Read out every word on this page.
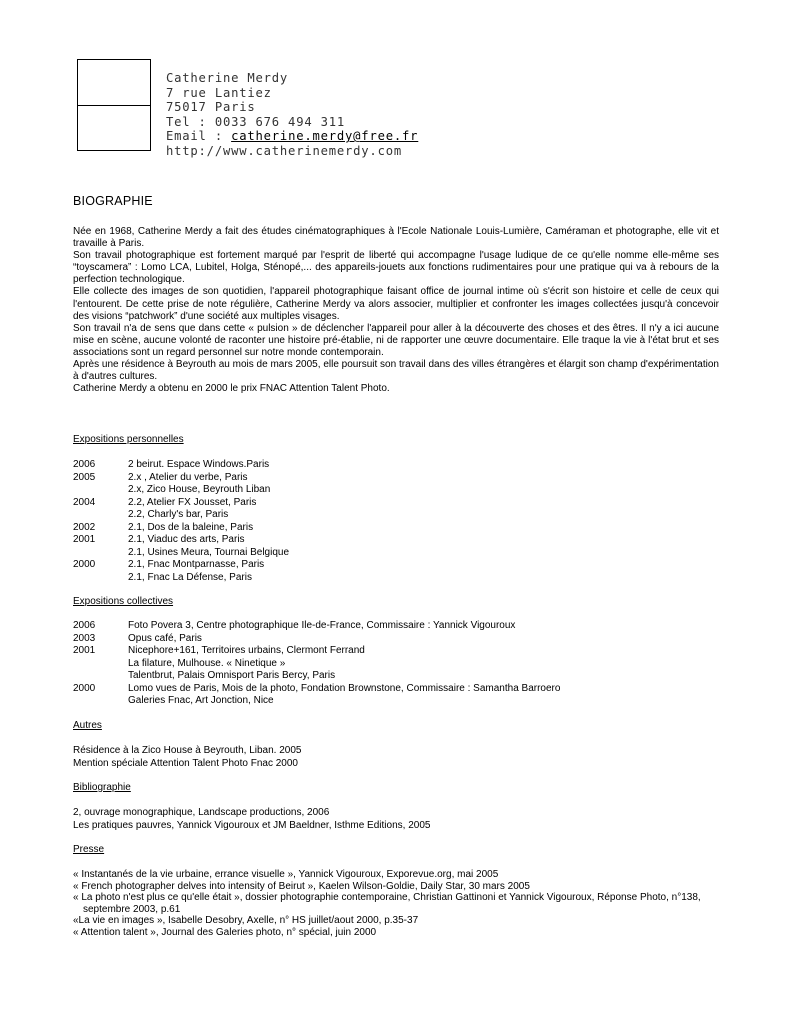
Catherine Merdy
7 rue Lantiez
75017 Paris
Tel : 0033 676 494 311
Email : catherine.merdy@free.fr
http://www.catherinemerdy.com
BIOGRAPHIE

Née en 1968, Catherine Merdy a fait des études cinématographiques à l'Ecole Nationale Louis-Lumière, Caméraman et photographe, elle vit et travaille à Paris.

Son travail photographique est fortement marqué par l'esprit de liberté qui accompagne l'usage ludique de ce qu'elle nomme elle-même ses “toyscamera” : Lomo LCA, Lubitel, Holga, Sténopé,... des appareils-jouets aux fonctions rudimentaires pour une pratique qui va à rebours de la perfection technologique.

Elle collecte des images de son quotidien, l'appareil photographique faisant office de journal intime où s'écrit son histoire et celle de ceux qui l'entourent. De cette prise de note régulière, Catherine Merdy va alors associer, multiplier et confronter les images collectées jusqu'à concevoir des visions “patchwork” d'une société aux multiples visages.

Son travail n'a de sens que dans cette « pulsion » de déclencher l'appareil pour aller à la découverte des choses et des êtres. Il n'y a ici aucune mise en scène, aucune volonté de raconter une histoire pré-établie, ni de rapporter une œuvre documentaire. Elle traque la vie à l'état brut et ses associations sont un regard personnel sur notre monde contemporain.

Après une résidence à Beyrouth au mois de mars 2005, elle poursuit son travail dans des villes étrangères et élargit son champ d'expérimentation à d'autres cultures.

Catherine Merdy a obtenu en 2000 le prix FNAC Attention Talent Photo.

Expositions personnelles
2006	2 beirut. Espace Windows.Paris
2005	2.x , Atelier du verbe, Paris
2.x, Zico House, Beyrouth Liban
2004	2.2, Atelier FX Jousset, Paris
2.2, Charly's bar, Paris
2002	2.1, Dos de la baleine, Paris
2001	2.1, Viaduc des arts, Paris
2.1, Usines Meura, Tournai Belgique
2000	2.1, Fnac Montparnasse, Paris
2.1, Fnac La Défense, Paris
Expositions collectives
2006	Foto Povera 3, Centre photographique Ile-de-France, Commissaire : Yannick Vigouroux
2003	Opus café, Paris
2001	Nicephore+161, Territoires urbains, Clermont Ferrand
La filature, Mulhouse. « Ninetique »
Talentbrut, Palais Omnisport Paris Bercy, Paris
2000	Lomo vues de Paris, Mois de la photo, Fondation Brownstone, Commissaire : Samantha Barroero
Galeries Fnac, Art Jonction, Nice
Autres
Résidence à la Zico House à Beyrouth, Liban. 2005
Mention spéciale Attention Talent Photo Fnac 2000
Bibliographie
2, ouvrage monographique, Landscape productions, 2006
Les pratiques pauvres, Yannick Vigouroux et JM Baeldner, Isthme Editions, 2005
Presse
« Instantanés de la vie urbaine, errance visuelle », Yannick Vigouroux, Exporevue.org, mai 2005
« French photographer delves into intensity of Beirut », Kaelen Wilson-Goldie, Daily Star, 30 mars 2005
« La photo n'est plus ce qu'elle était », dossier photographie contemporaine, Christian Gattinoni et Yannick Vigouroux, Réponse Photo, n°138, septembre 2003, p.61
«La vie en images », Isabelle Desobry, Axelle, n° HS juillet/aout 2000, p.35-37
« Attention talent », Journal des Galeries photo, n° spécial, juin 2000
